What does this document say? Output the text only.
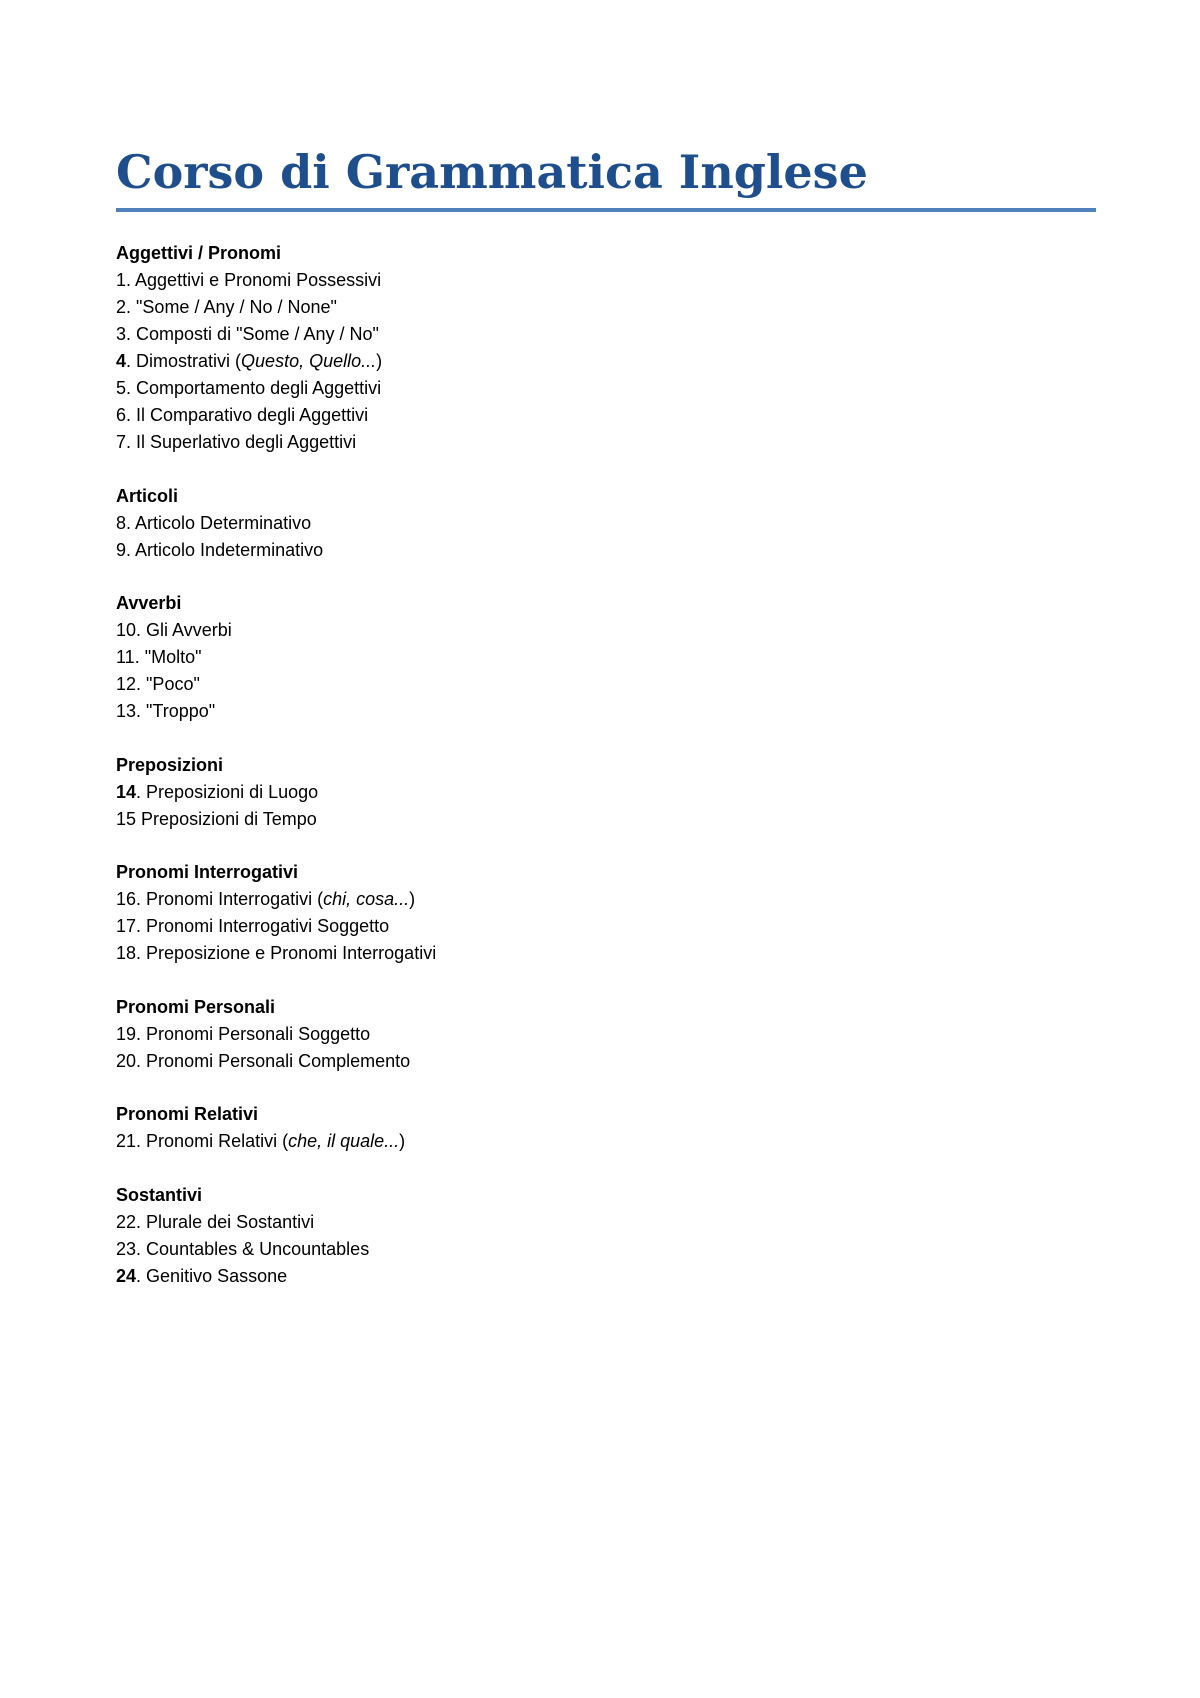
Corso di Grammatica Inglese
Aggettivi / Pronomi
1. Aggettivi e Pronomi Possessivi
2. "Some / Any / No / None"
3. Composti di "Some / Any / No"
4. Dimostrativi (Questo, Quello...)
5. Comportamento degli Aggettivi
6. Il Comparativo degli Aggettivi
7. Il Superlativo degli Aggettivi
Articoli
8. Articolo Determinativo
9. Articolo Indeterminativo
Avverbi
10. Gli Avverbi
11. "Molto"
12. "Poco"
13. "Troppo"
Preposizioni
14. Preposizioni di Luogo
15 Preposizioni di Tempo
Pronomi Interrogativi
16. Pronomi Interrogativi (chi, cosa...)
17. Pronomi Interrogativi Soggetto
18. Preposizione e Pronomi Interrogativi
Pronomi Personali
19. Pronomi Personali Soggetto
20. Pronomi Personali Complemento
Pronomi Relativi
21. Pronomi Relativi (che, il quale...)
Sostantivi
22. Plurale dei Sostantivi
23. Countables & Uncountables
24. Genitivo Sassone
